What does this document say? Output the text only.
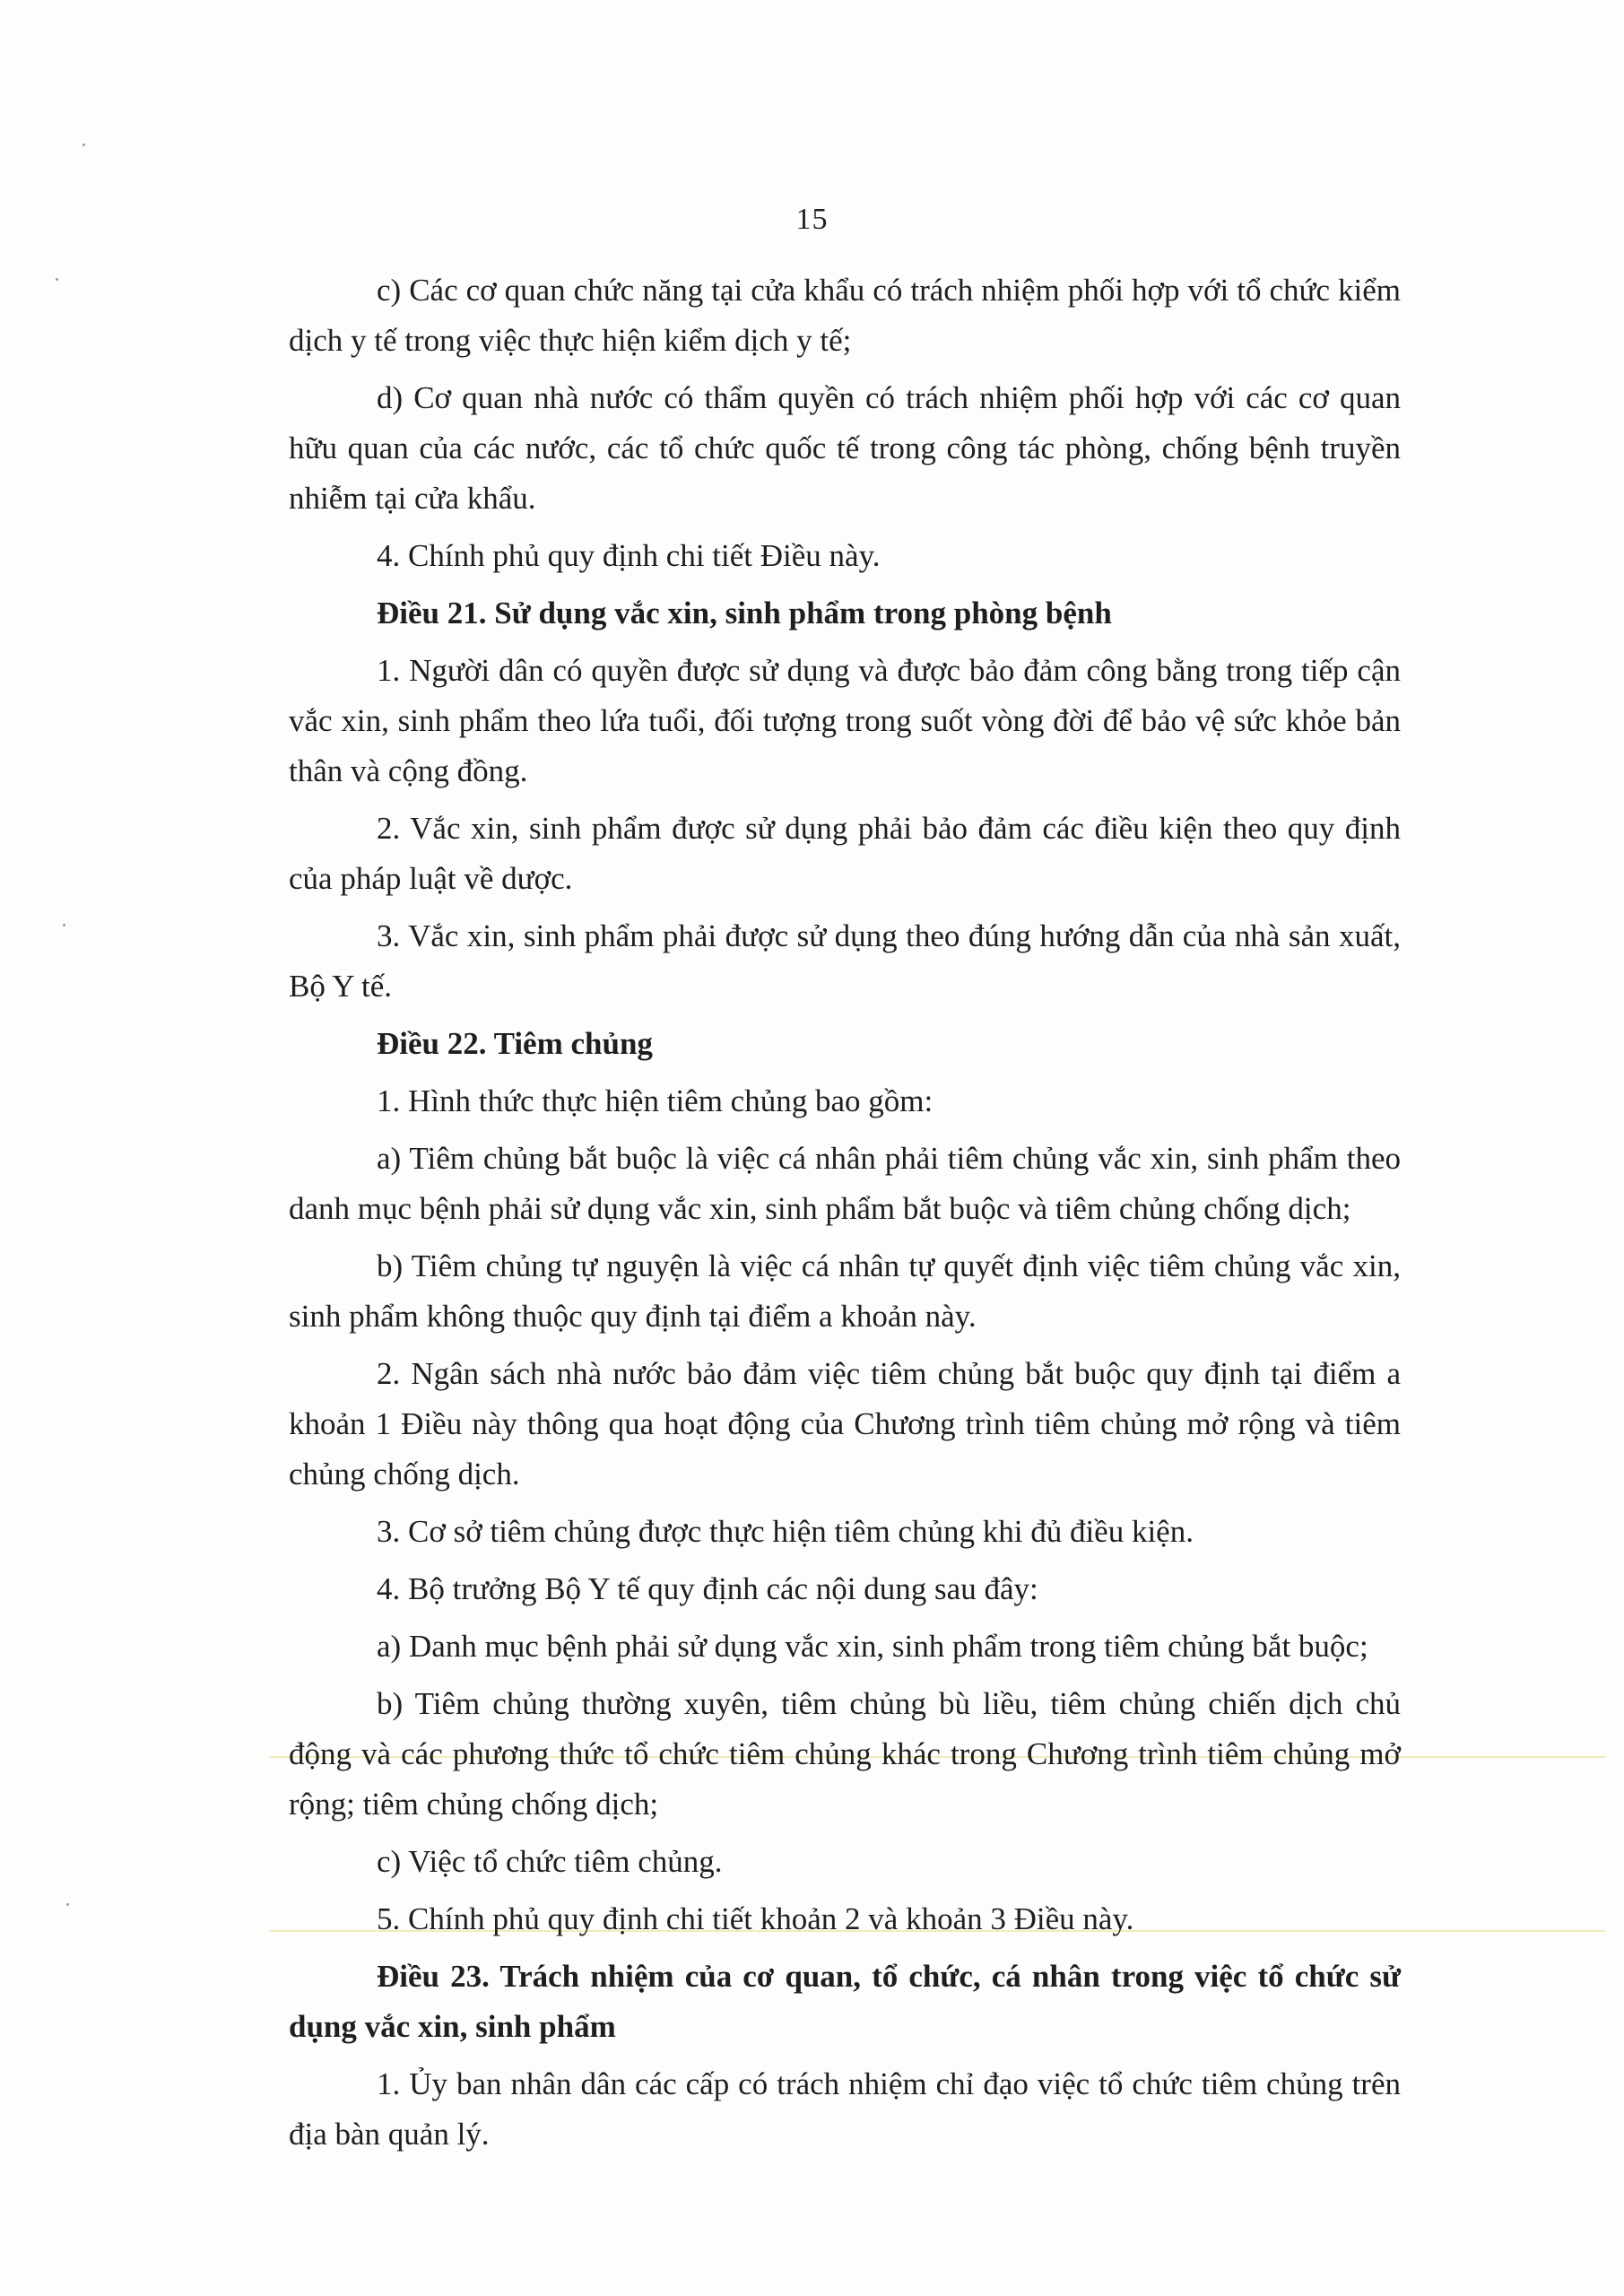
15

c) Các cơ quan chức năng tại cửa khẩu có trách nhiệm phối hợp với tổ chức kiểm dịch y tế trong việc thực hiện kiểm dịch y tế;

d) Cơ quan nhà nước có thẩm quyền có trách nhiệm phối hợp với các cơ quan hữu quan của các nước, các tổ chức quốc tế trong công tác phòng, chống bệnh truyền nhiễm tại cửa khẩu.

4. Chính phủ quy định chi tiết Điều này.

Điều 21. Sử dụng vắc xin, sinh phẩm trong phòng bệnh

1. Người dân có quyền được sử dụng và được bảo đảm công bằng trong tiếp cận vắc xin, sinh phẩm theo lứa tuổi, đối tượng trong suốt vòng đời để bảo vệ sức khỏe bản thân và cộng đồng.

2. Vắc xin, sinh phẩm được sử dụng phải bảo đảm các điều kiện theo quy định của pháp luật về dược.

3. Vắc xin, sinh phẩm phải được sử dụng theo đúng hướng dẫn của nhà sản xuất, Bộ Y tế.

Điều 22. Tiêm chủng

1. Hình thức thực hiện tiêm chủng bao gồm:

a) Tiêm chủng bắt buộc là việc cá nhân phải tiêm chủng vắc xin, sinh phẩm theo danh mục bệnh phải sử dụng vắc xin, sinh phẩm bắt buộc và tiêm chủng chống dịch;

b) Tiêm chủng tự nguyện là việc cá nhân tự quyết định việc tiêm chủng vắc xin, sinh phẩm không thuộc quy định tại điểm a khoản này.

2. Ngân sách nhà nước bảo đảm việc tiêm chủng bắt buộc quy định tại điểm a khoản 1 Điều này thông qua hoạt động của Chương trình tiêm chủng mở rộng và tiêm chủng chống dịch.

3. Cơ sở tiêm chủng được thực hiện tiêm chủng khi đủ điều kiện.

4. Bộ trưởng Bộ Y tế quy định các nội dung sau đây:

a) Danh mục bệnh phải sử dụng vắc xin, sinh phẩm trong tiêm chủng bắt buộc;

b) Tiêm chủng thường xuyên, tiêm chủng bù liều, tiêm chủng chiến dịch chủ động và các phương thức tổ chức tiêm chủng khác trong Chương trình tiêm chủng mở rộng; tiêm chủng chống dịch;

c) Việc tổ chức tiêm chủng.

5. Chính phủ quy định chi tiết khoản 2 và khoản 3 Điều này.

Điều 23. Trách nhiệm của cơ quan, tổ chức, cá nhân trong việc tổ chức sử dụng vắc xin, sinh phẩm

1. Ủy ban nhân dân các cấp có trách nhiệm chỉ đạo việc tổ chức tiêm chủng trên địa bàn quản lý.
